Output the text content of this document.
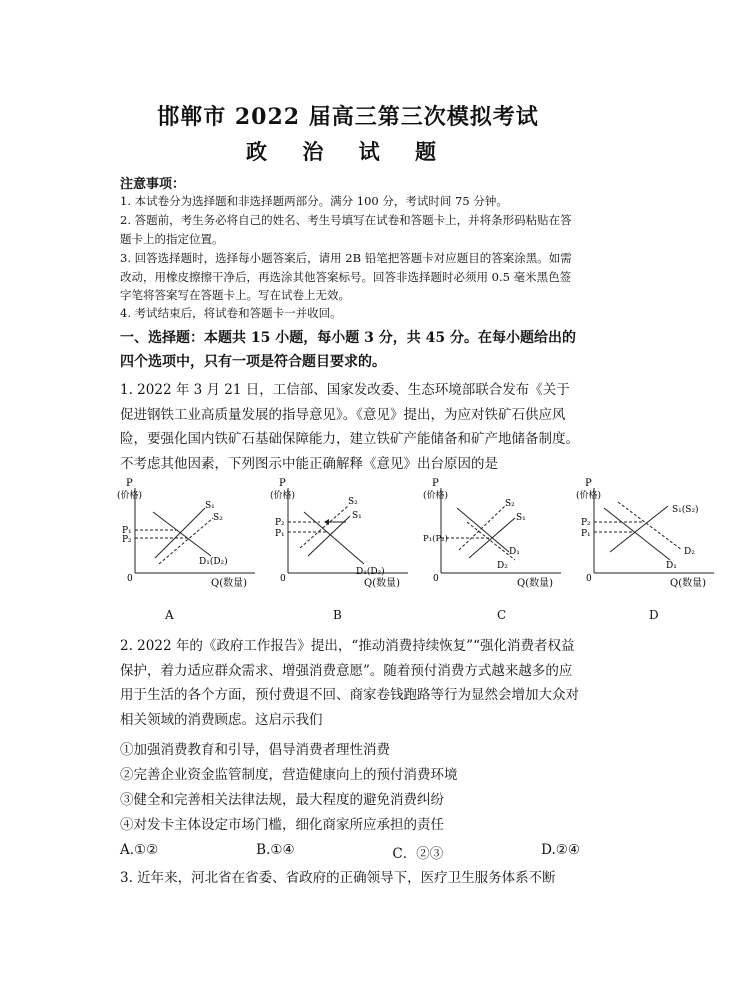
邯郸市 2022 届高三第三次模拟考试
政 治 试 题
注意事项：
1. 本试卷分为选择题和非选择题两部分。满分 100 分，考试时间 75 分钟。
2. 答题前，考生务必将自己的姓名、考生号填写在试卷和答题卡上，并将条形码粘贴在答题卡上的指定位置。
3. 回答选择题时，选择每小题答案后，请用 2B 铅笔把答题卡对应题目的答案涂黑。如需改动，用橡皮擦擦干净后，再选涂其他答案标号。回答非选择题时必须用 0.5 毫米黑色签字笔将答案写在答题卡上。写在试卷上无效。
4. 考试结束后，将试卷和答题卡一并收回。
一、选择题：本题共 15 小题，每小题 3 分，共 45 分。在每小题给出的四个选项中，只有一项是符合题目要求的。
1. 2022 年 3 月 21 日，工信部、国家发改委、生态环境部联合发布《关于促进钢铁工业高质量发展的指导意见》。《意见》提出，为应对铁矿石供应风险，要强化国内铁矿石基础保障能力，建立铁矿产能储备和矿产地储备制度。不考虑其他因素，下列图示中能正确解释《意见》出台原因的是
P
(价格)
0	Q(数量)
P₁
P₂
S₁
S₂
D₁(D₂)
P
(价格)
0	Q(数量)
P₂
P₁
S₂
S₁
D₁(D₂)
P
(价格)
0	Q(数量)
P₁(P₂)
S₂
S₁
D₁
D₂
P
(价格)
0	Q(数量)
P₂
P₁
S₁(S₂)
D₂
D₁
A	B	C	D
2. 2022 年的《政府工作报告》提出，“推动消费持续恢复”“强化消费者权益保护，着力适应群众需求、增强消费意愿”。随着预付消费方式越来越多的应用于生活的各个方面，预付费退不回、商家卷钱跑路等行为显然会增加大众对相关领域的消费顾虑。这启示我们
①加强消费教育和引导，倡导消费者理性消费
②完善企业资金监管制度，营造健康向上的预付消费环境
③健全和完善相关法律法规，最大程度的避免消费纠纷
④对发卡主体设定市场门槛，细化商家所应承担的责任
A.①②	B.①④	C．②③	D.②④
3. 近年来，河北省在省委、省政府的正确领导下，医疗卫生服务体系不断
